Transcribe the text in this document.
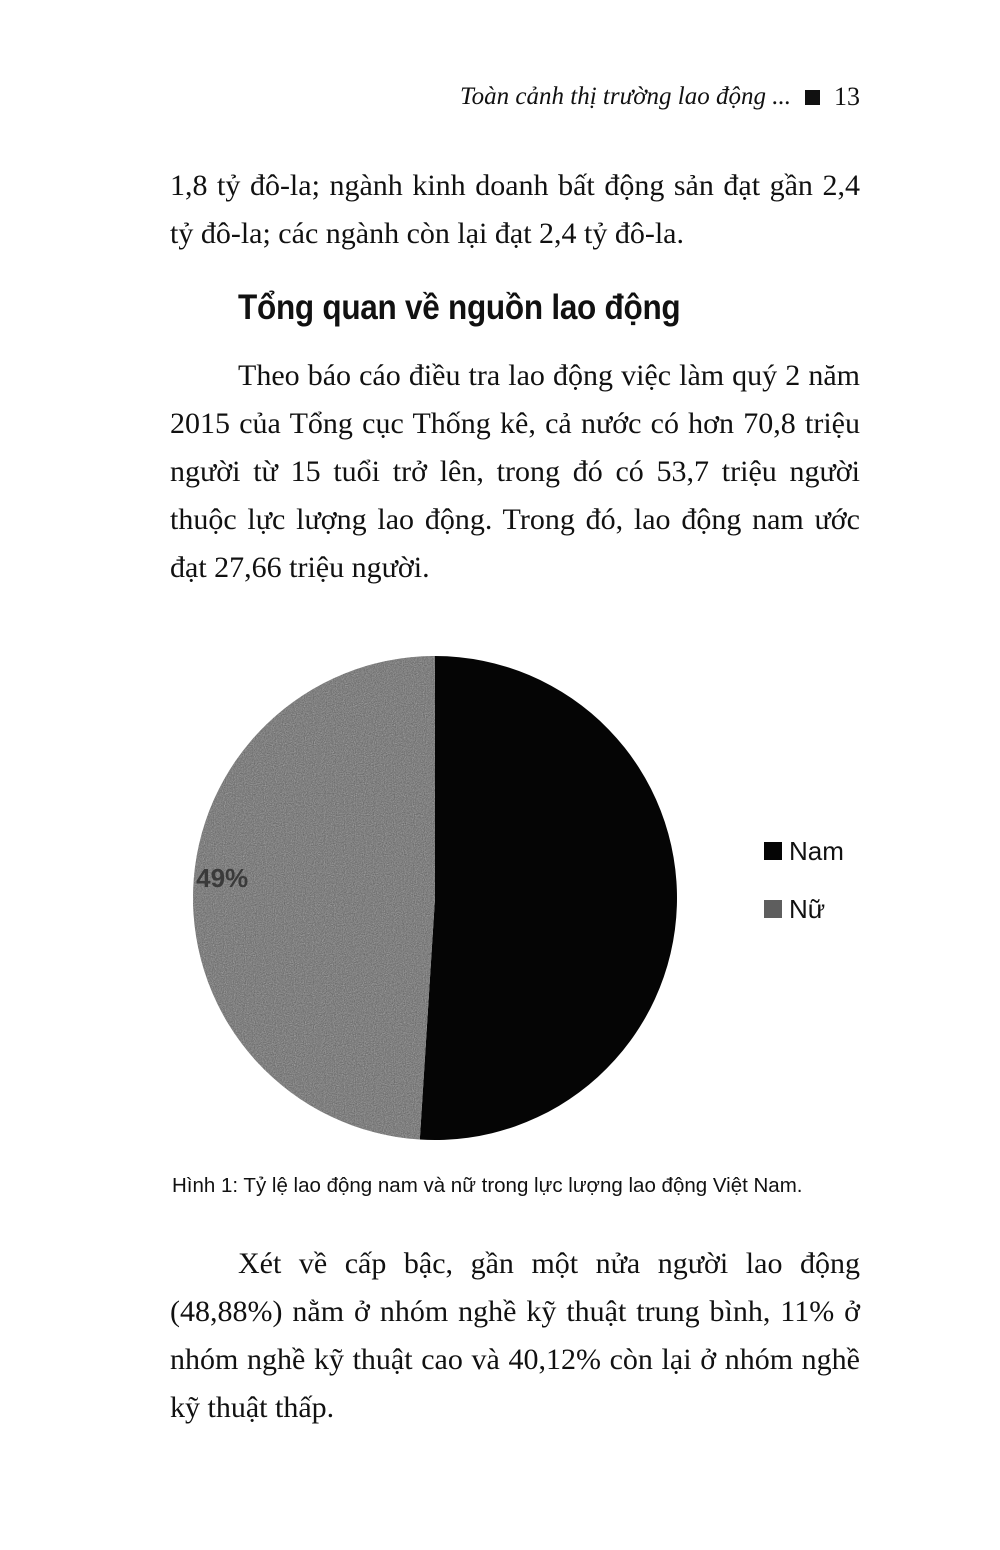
Toàn cảnh thị trường lao động ... 13

1,8 tỷ đô-la; ngành kinh doanh bất động sản đạt gần 2,4 tỷ đô-la; các ngành còn lại đạt 2,4 tỷ đô-la.

Tổng quan về nguồn lao động

Theo báo cáo điều tra lao động việc làm quý 2 năm 2015 của Tổng cục Thống kê, cả nước có hơn 70,8 triệu người từ 15 tuổi trở lên, trong đó có 53,7 triệu người thuộc lực lượng lao động. Trong đó, lao động nam ước đạt 27,66 triệu người.

49%
Nam
Nữ

Hình 1: Tỷ lệ lao động nam và nữ trong lực lượng lao động Việt Nam.

Xét về cấp bậc, gần một nửa người lao động (48,88%) nằm ở nhóm nghề kỹ thuật trung bình, 11% ở nhóm nghề kỹ thuật cao và 40,12% còn lại ở nhóm nghề kỹ thuật thấp.
